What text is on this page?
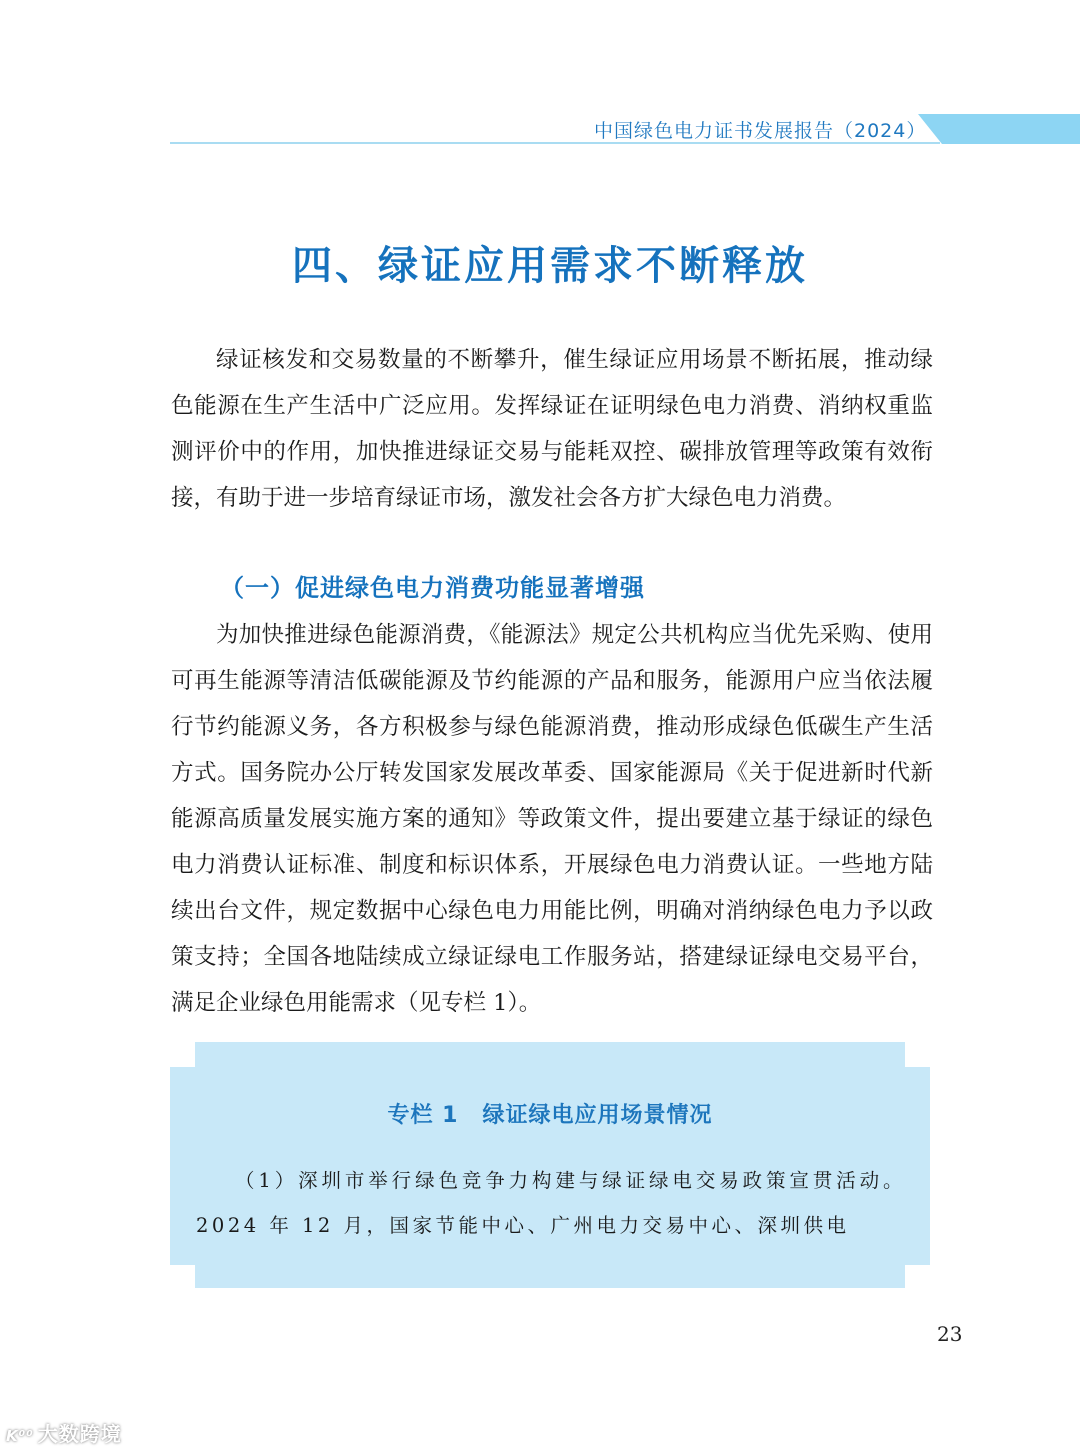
中国绿色电力证书发展报告（2024）
四、绿证应用需求不断释放

绿证核发和交易数量的不断攀升，催生绿证应用场景不断拓展，推动绿色能源在生产生活中广泛应用。发挥绿证在证明绿色电力消费、消纳权重监测评价中的作用，加快推进绿证交易与能耗双控、碳排放管理等政策有效衔接，有助于进一步培育绿证市场，激发社会各方扩大绿色电力消费。

（一）促进绿色电力消费功能显著增强

为加快推进绿色能源消费，《能源法》规定公共机构应当优先采购、使用可再生能源等清洁低碳能源及节约能源的产品和服务，能源用户应当依法履行节约能源义务，各方积极参与绿色能源消费，推动形成绿色低碳生产生活方式。国务院办公厅转发国家发展改革委、国家能源局《关于促进新时代新能源高质量发展实施方案的通知》等政策文件，提出要建立基于绿证的绿色电力消费认证标准、制度和标识体系，开展绿色电力消费认证。一些地方陆续出台文件，规定数据中心绿色电力用能比例，明确对消纳绿色电力予以政策支持；全国各地陆续成立绿证绿电工作服务站，搭建绿证绿电交易平台，满足企业绿色用能需求（见专栏 1）。

专栏 1 绿证绿电应用场景情况

（1）深圳市举行绿色竞争力构建与绿证绿电交易政策宣贯活动。2024 年 12 月，国家节能中心、广州电力交易中心、深圳供电

23
K⁰⁰ 大数跨境
